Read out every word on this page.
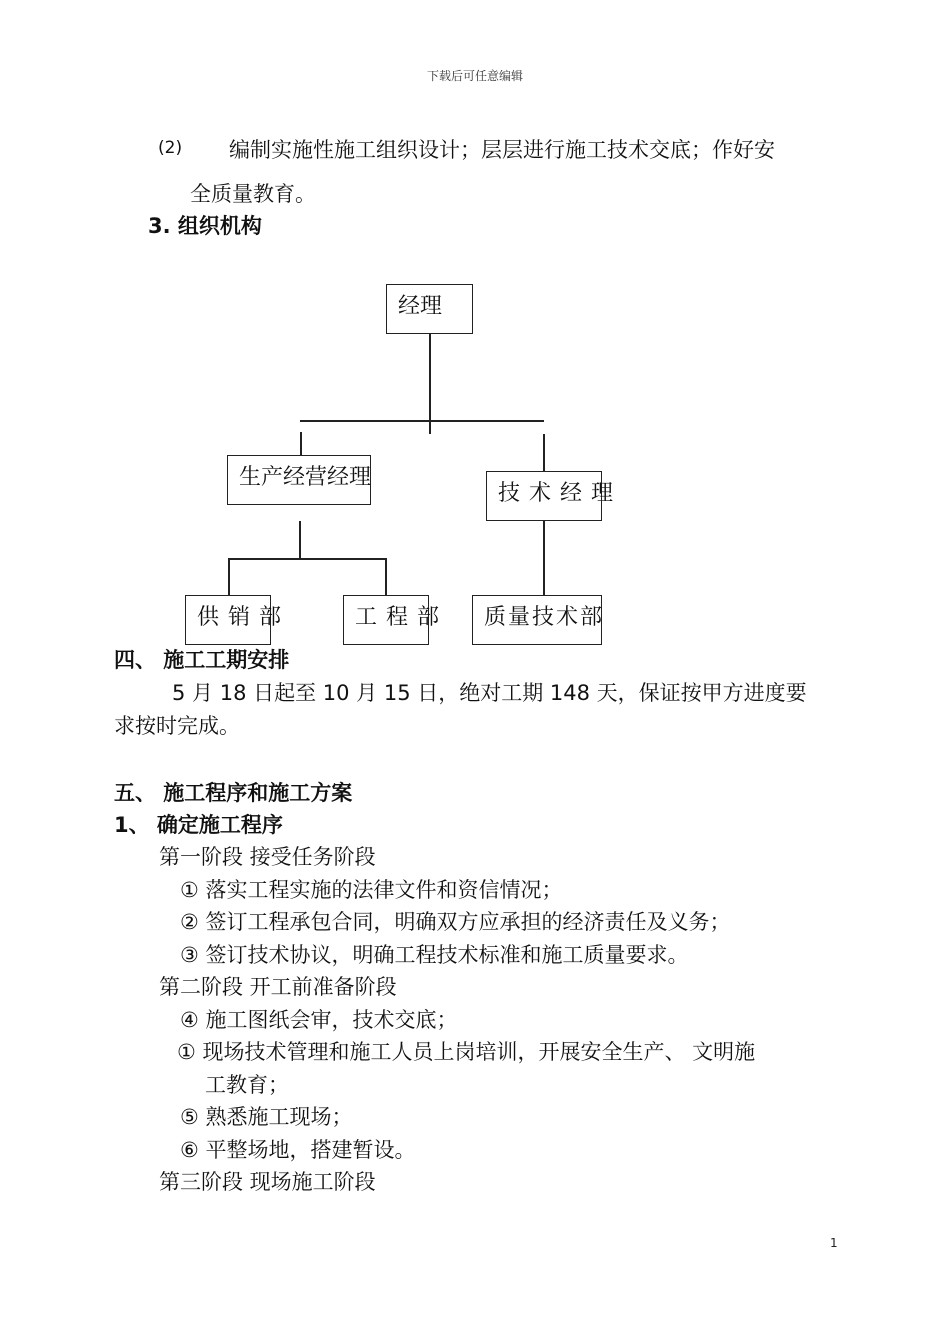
下载后可任意编辑
(2) 编制实施性施工组织设计；层层进行施工技术交底；作好安
全质量教育。
3. 组织机构
经理
生产经营经理
技术经理
供销部	工程部 质量技术部
四、 施工工期安排
5 月 18 日起至 10 月 15 日，绝对工期 148 天，保证按甲方进度要
求按时完成。
五、 施工程序和施工方案
1、 确定施工程序
第一阶段 接受任务阶段
① 落实工程实施的法律文件和资信情况；
② 签订工程承包合同，明确双方应承担的经济责任及义务；
③ 签订技术协议，明确工程技术标准和施工质量要求。
第二阶段 开工前准备阶段
④ 施工图纸会审，技术交底；
① 现场技术管理和施工人员上岗培训，开展安全生产、 文明施
工教育；
⑤ 熟悉施工现场；
⑥ 平整场地，搭建暂设。
第三阶段 现场施工阶段
1
